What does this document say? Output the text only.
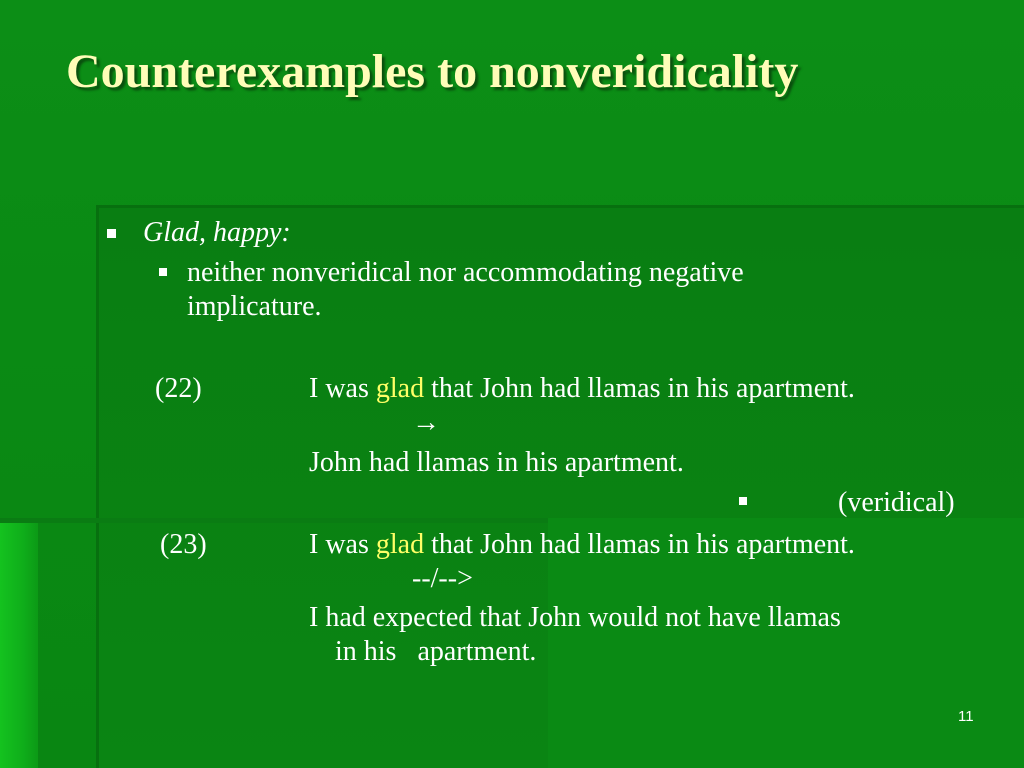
Counterexamples to nonveridicality
Glad, happy:
neither nonveridical nor accommodating negative
implicature.
(22)	I was glad that John had llamas in his apartment.
→
John had llamas in his apartment.
(veridical)
(23)	I was glad that John had llamas in his apartment.
--/-->
I had expected that John would not have llamas
in his   apartment.
11
